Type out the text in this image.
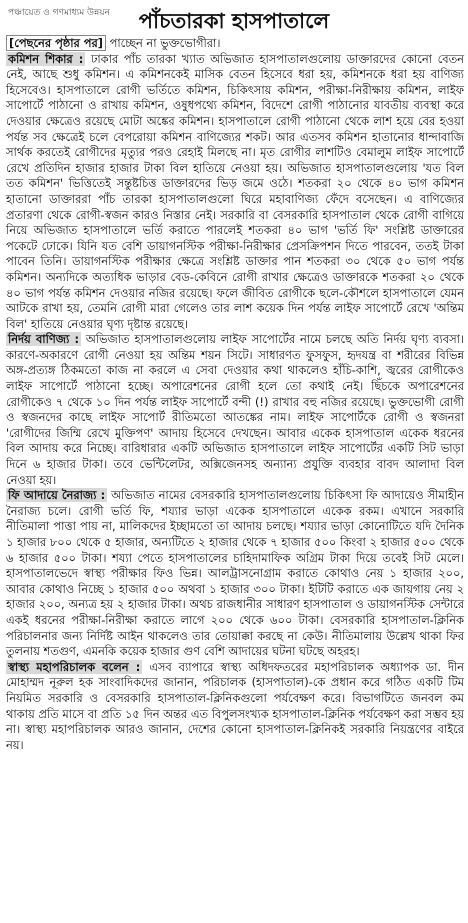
পঞ্চায়েত ও গণমাধ্যম উন্নয়ন	পাঁচতারকা হাসপাতালে

[পেছনের পৃষ্ঠার পর] পাচ্ছেন না ভুক্তভোগীরা।

কমিশন শিকার : ঢাকার পাঁচ তারকা খ্যাত অভিজাত হাসপাতালগুলোয় ডাক্তারদের কোনো বেতন নেই, আছে শুধু কমিশন। এ কমিশনকেই মাসিক বেতন হিসেবে ধরা হয়, কমিশনকে ধরা হয় বাণিজ্য হিসেবেও। হাসপাতালে রোগী ভর্তিতে কমিশন, চিকিৎসায় কমিশন, পরীক্ষা-নিরীক্ষায় কমিশন, লাইফ সাপোর্টে পাঠানো ও রাখায় কমিশন, ওষুধপথ্যে কমিশন, বিদেশে রোগী পাঠানোর যাবতীয় ব্যবস্থা করে দেওয়ার ক্ষেত্রেও রয়েছে মোটা অঙ্কের কমিশন। হাসপাতালে রোগী পাঠানো থেকে লাশ হয়ে বের হওয়া পর্যন্ত সব ক্ষেত্রেই চলে বেপরোয়া কমিশন বাণিজ্যের শকট। আর এতসব কমিশন হাতানোর ধান্দাবাজি সার্থক করতেই রোগীদের মৃত্যুর পরও রেহাই মিলছে না। মৃত রোগীর লাশটিও বেমালুম লাইফ সাপোর্টে রেখে প্রতিদিন হাজার হাজার টাকা বিল হাতিয়ে নেওয়া হয়। অভিজাত হাসপাতালগুলোয় 'যত বিল তত কমিশন' ভিত্তিতেই সন্তুষ্টচিত্ত ডাক্তারদের ভিড় জমে ওঠে। শতকরা ২০ থেকে ৪০ ভাগ কমিশন হাতানো ডাক্তাররা পাঁচ তারকা হাসপাতালগুলো ঘিরে মহাবাণিজ্য ফেঁদে বসেছেন। এ বাণিজ্যের প্রতারণা থেকে রোগী-স্বজন কারও নিস্তার নেই। সরকারি বা বেসরকারি হাসপাতাল থেকে রোগী বাগিয়ে নিয়ে অভিজাত হাসপাতালে ভর্তি করাতে পারলেই শতকরা ৪০ ভাগ 'ভর্তি ফি' সংশ্লিষ্ট ডাক্তারের পকেটে ঢোকে। যিনি যত বেশি ডায়াগনস্টিক পরীক্ষা-নিরীক্ষার প্রেসক্রিপশন দিতে পারবেন, ততই টাকা পাবেন তিনি। ডায়াগনস্টিক পরীক্ষার ক্ষেত্রে সংশ্লিষ্ট ডাক্তার পান শতকরা ৩০ থেকে ৫০ ভাগ পর্যন্ত কমিশন। অন্যদিকে অত্যধিক ভাড়ার বেড-কেবিনে রোগী রাখার ক্ষেত্রেও ডাক্তারকে শতকরা ২০ থেকে ৪০ ভাগ পর্যন্ত কমিশন দেওয়ার নজির রয়েছে। ফলে জীবিত রোগীকে ছলে-কৌশলে হাসপাতালে যেমন আটকে রাখা হয়, তেমনি রোগী মারা গেলেও তার লাশ কয়েক দিন পর্যন্ত লাইফ সাপোর্টে রেখে 'অন্তিম বিল' হাতিয়ে নেওয়ার ঘৃণ্য দৃষ্টান্ত রয়েছে।

নির্দয় বাণিজ্য : অভিজাত হাসপাতালগুলোয় লাইফ সাপোর্টের নামে চলছে অতি নির্দয় ঘৃণ্য ব্যবসা। কারণে-অকারণে রোগী নেওয়া হয় অন্তিম শয়ন সিটে। সাধারণত ফুসফুস, হৃদযন্ত্র বা শরীরের বিভিন্ন অঙ্গ-প্রত্যঙ্গ ঠিকমতো কাজ না করলে এ সেবা দেওয়ার কথা থাকলেও হাঁচি-কাশি, জ্বরের রোগীকেও লাইফ সাপোর্টে পাঠানো হচ্ছে। অপারেশনের রোগী হলে তো কথাই নেই। ছিঁচকে অপারেশনের রোগীকেও ৭ থেকে ১০ দিন পর্যন্ত লাইফ সাপোর্টে বন্দী (!) রাখার বহু নজির রয়েছে। ভুক্তভোগী রোগী ও স্বজনদের কাছে লাইফ সাপোর্ট রীতিমতো আতঙ্কের নাম। লাইফ সাপোর্টকে রোগী ও স্বজনরা 'রোগীদের জিম্মি রেখে মুক্তিপণ' আদায় হিসেবে দেখছেন। আবার একেক হাসপাতাল একেক ধরনের বিল আদায় করে নিচ্ছে। বারিধারার একটি অভিজাত হাসপাতালে লাইফ সাপোর্টের একটি সিট ভাড়া দিনে ৬ হাজার টাকা। তবে ভেন্টিলেটর, অক্সিজেনসহ অন্যান্য প্রযুক্তি ব্যবহার বাবদ আলাদা বিল নেওয়া হয়।

ফি আদায়ে নৈরাজ্য : অভিজাত নামের বেসরকারি হাসপাতালগুলোয় চিকিৎসা ফি আদায়েও সীমাহীন নৈরাজ্য চলে। রোগী ভর্তি ফি, শয্যার ভাড়া একেক হাসপাতালে একেক রকম। এখানে সরকারি নীতিমালা পাত্তা পায় না, মালিকদের ইচ্ছামতো তা আদায় চলছে। শয্যার ভাড়া কোনোটিতে যদি দৈনিক ১ হাজার ৮০০ থেকে ৫ হাজার, অন্যটিতে ২ হাজার থেকে ৭ হাজার ৫০০ কিংবা ২ হাজার ৫০০ থেকে ৬ হাজার ৫০০ টাকা। শয্যা পেতে হাসপাতালের চাহিদামাফিক অগ্রিম টাকা দিয়ে তবেই সিট মেলে। হাসপাতালভেদে স্বাস্থ্য পরীক্ষার ফিও ভিন্ন। আলট্রাসনোগ্রাম করাতে কোথাও নেয় ১ হাজার ২০০, আবার কোথাও নিচ্ছে ১ হাজার ৫০০ অথবা ১ হাজার ৩০০ টাকা। ইটিটি করাতে এক জায়গায় নেয় ২ হাজার ২০০, অন্যত্র হয় ২ হাজার টাকা। অথচ রাজধানীর সাধারণ হাসপাতাল ও ডায়াগনস্টিক সেন্টারে একই ধরনের পরীক্ষা-নিরীক্ষা করাতে লাগে ২০০ থেকে ৬০০ টাকা। বেসরকারি হাসপাতাল-ক্লিনিক পরিচালনার জন্য নির্দিষ্ট আইন থাকলেও তার তোয়াক্কা করছে না কেউ। নীতিমালায় উল্লেখ থাকা ফির তুলনায় শতগুণ, এমনকি কয়েক হাজার গুণ বেশি আদায়ের ঘটনা ঘটছে অহরহ।

স্বাস্থ্য মহাপরিচালক বলেন : এসব ব্যাপারে স্বাস্থ্য অধিদফতরের মহাপরিচালক অধ্যাপক ডা. দীন মোহাম্মদ নূরুল হক সাংবাদিকদের জানান, পরিচালক (হাসপাতাল)-কে প্রধান করে গঠিত একটি টিম নিয়মিত সরকারি ও বেসরকারি হাসপাতাল-ক্লিনিকগুলো পর্যবেক্ষণ করে। বিভাগটিতে জনবল কম থাকায় প্রতি মাসে বা প্রতি ১৫ দিন অন্তর এত বিপুলসংখ্যক হাসপাতাল-ক্লিনিক পর্যবেক্ষণ করা সম্ভব হয় না। স্বাস্থ্য মহাপরিচালক আরও জানান, দেশের কোনো হাসপাতাল-ক্লিনিকই সরকারি নিয়ন্ত্রণের বাইরে নয়।
